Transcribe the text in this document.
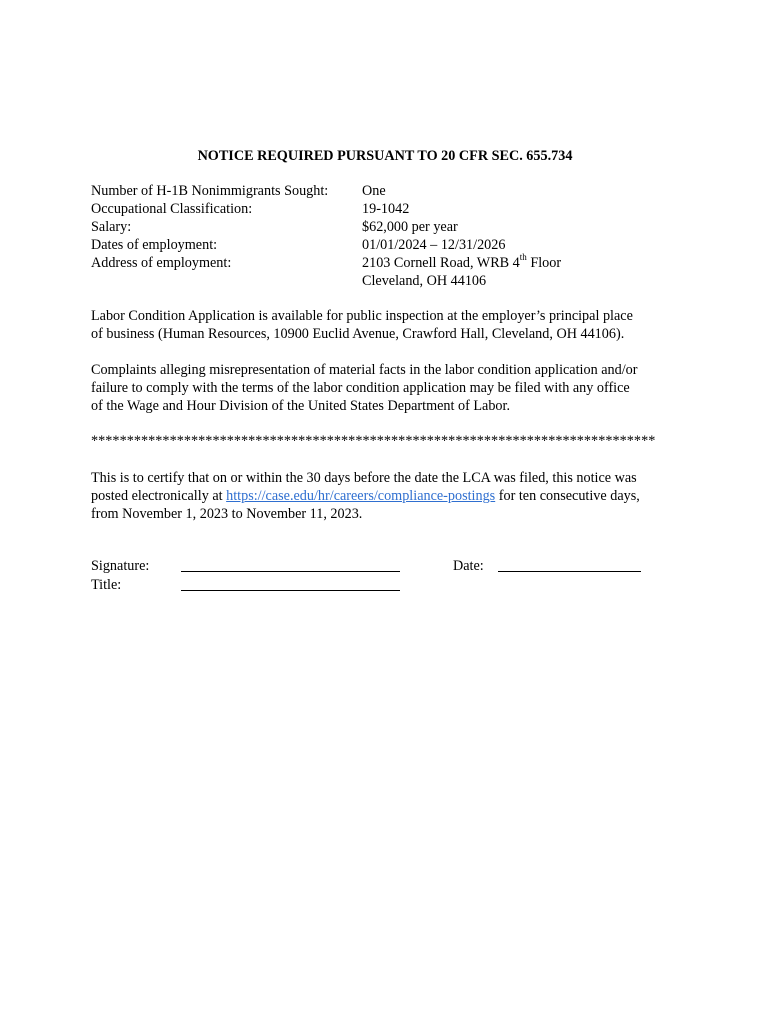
NOTICE REQUIRED PURSUANT TO 20 CFR SEC. 655.734
Number of H-1B Nonimmigrants Sought:	One
Occupational Classification:	19-1042
Salary:	$62,000 per year
Dates of employment:	01/01/2024 – 12/31/2026
Address of employment:	2103 Cornell Road, WRB 4th Floor
Cleveland, OH 44106
Labor Condition Application is available for public inspection at the employer’s principal place
of business (Human Resources, 10900 Euclid Avenue, Crawford Hall, Cleveland, OH 44106).
Complaints alleging misrepresentation of material facts in the labor condition application and/or
failure to comply with the terms of the labor condition application may be filed with any office
of the Wage and Hour Division of the United States Department of Labor.
*******************************************************************************
This is to certify that on or within the 30 days before the date the LCA was filed, this notice was
posted electronically at https://case.edu/hr/careers/compliance-postings for ten consecutive days,
from November 1, 2023 to November 11, 2023.
Signature:
Title:
Date:
